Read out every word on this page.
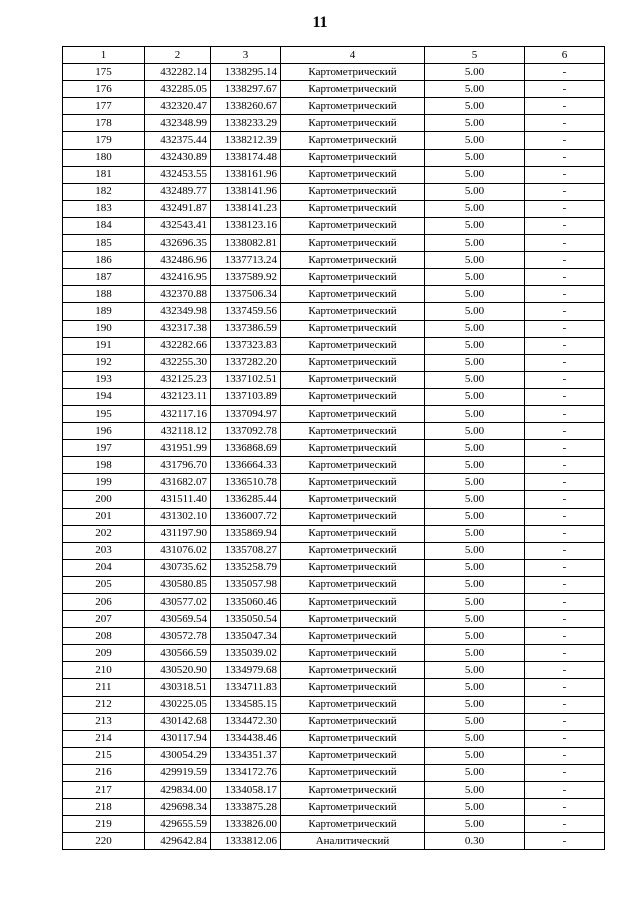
11
1	2	3	4	5	6
175	432282.14	1338295.14	Картометрический	5.00	-
176	432285.05	1338297.67	Картометрический	5.00	-
177	432320.47	1338260.67	Картометрический	5.00	-
178	432348.99	1338233.29	Картометрический	5.00	-
179	432375.44	1338212.39	Картометрический	5.00	-
180	432430.89	1338174.48	Картометрический	5.00	-
181	432453.55	1338161.96	Картометрический	5.00	-
182	432489.77	1338141.96	Картометрический	5.00	-
183	432491.87	1338141.23	Картометрический	5.00	-
184	432543.41	1338123.16	Картометрический	5.00	-
185	432696.35	1338082.81	Картометрический	5.00	-
186	432486.96	1337713.24	Картометрический	5.00	-
187	432416.95	1337589.92	Картометрический	5.00	-
188	432370.88	1337506.34	Картометрический	5.00	-
189	432349.98	1337459.56	Картометрический	5.00	-
190	432317.38	1337386.59	Картометрический	5.00	-
191	432282.66	1337323.83	Картометрический	5.00	-
192	432255.30	1337282.20	Картометрический	5.00	-
193	432125.23	1337102.51	Картометрический	5.00	-
194	432123.11	1337103.89	Картометрический	5.00	-
195	432117.16	1337094.97	Картометрический	5.00	-
196	432118.12	1337092.78	Картометрический	5.00	-
197	431951.99	1336868.69	Картометрический	5.00	-
198	431796.70	1336664.33	Картометрический	5.00	-
199	431682.07	1336510.78	Картометрический	5.00	-
200	431511.40	1336285.44	Картометрический	5.00	-
201	431302.10	1336007.72	Картометрический	5.00	-
202	431197.90	1335869.94	Картометрический	5.00	-
203	431076.02	1335708.27	Картометрический	5.00	-
204	430735.62	1335258.79	Картометрический	5.00	-
205	430580.85	1335057.98	Картометрический	5.00	-
206	430577.02	1335060.46	Картометрический	5.00	-
207	430569.54	1335050.54	Картометрический	5.00	-
208	430572.78	1335047.34	Картометрический	5.00	-
209	430566.59	1335039.02	Картометрический	5.00	-
210	430520.90	1334979.68	Картометрический	5.00	-
211	430318.51	1334711.83	Картометрический	5.00	-
212	430225.05	1334585.15	Картометрический	5.00	-
213	430142.68	1334472.30	Картометрический	5.00	-
214	430117.94	1334438.46	Картометрический	5.00	-
215	430054.29	1334351.37	Картометрический	5.00	-
216	429919.59	1334172.76	Картометрический	5.00	-
217	429834.00	1334058.17	Картометрический	5.00	-
218	429698.34	1333875.28	Картометрический	5.00	-
219	429655.59	1333826.00	Картометрический	5.00	-
220	429642.84	1333812.06	Аналитический	0.30	-
